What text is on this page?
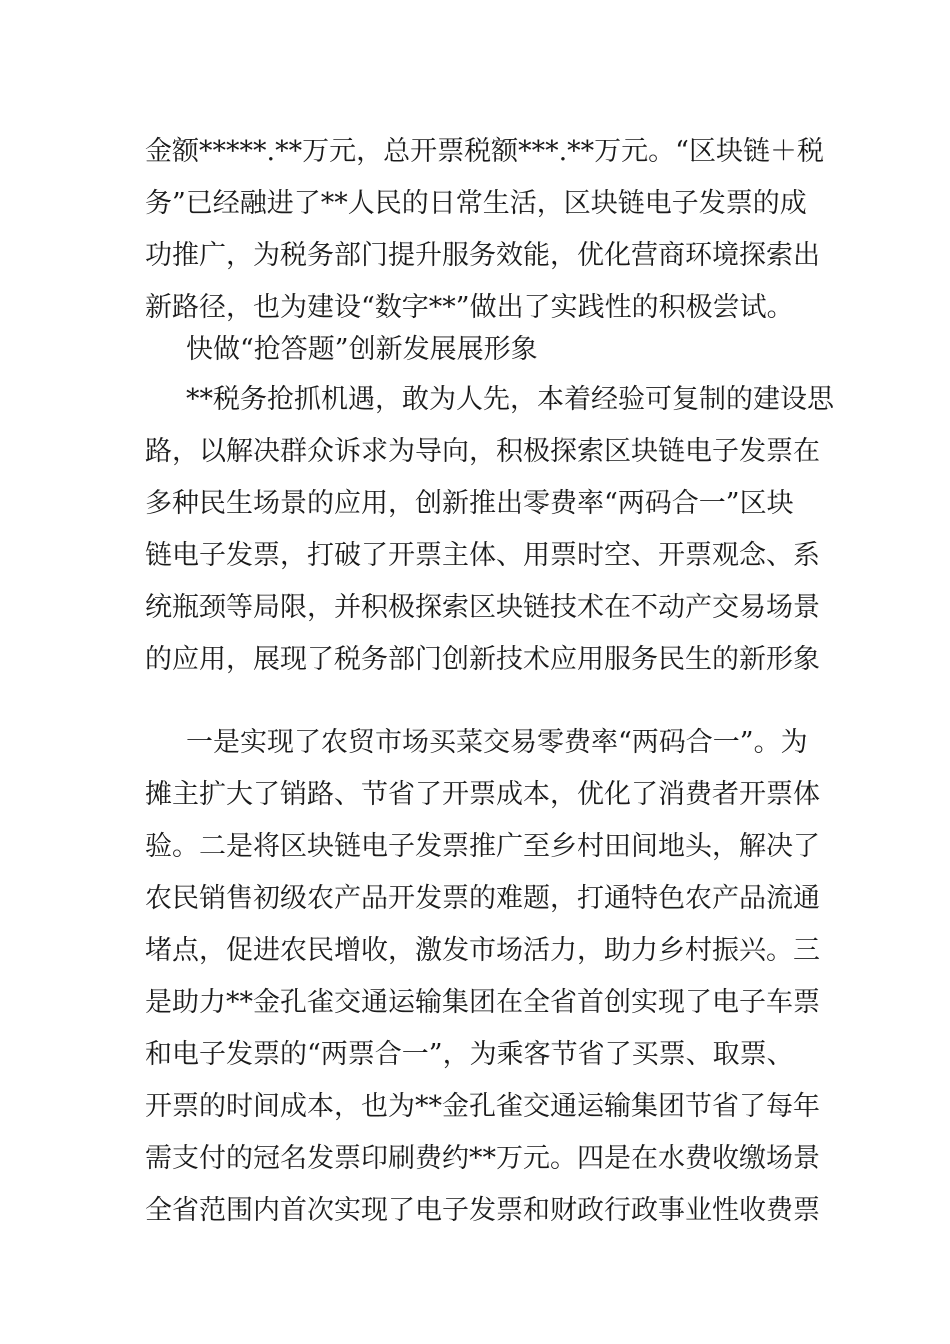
金额*****.**万元，总开票税额***.**万元。“区块链＋税
务”已经融进了**人民的日常生活，区块链电子发票的成
功推广，为税务部门提升服务效能，优化营商环境探索出
新路径，也为建设“数字**”做出了实践性的积极尝试。
快做“抢答题”创新发展展形象
**税务抢抓机遇，敢为人先，本着经验可复制的建设思
路，以解决群众诉求为导向，积极探索区块链电子发票在
多种民生场景的应用，创新推出零费率“两码合一”区块
链电子发票，打破了开票主体、用票时空、开票观念、系
统瓶颈等局限，并积极探索区块链技术在不动产交易场景
的应用，展现了税务部门创新技术应用服务民生的新形象
一是实现了农贸市场买菜交易零费率“两码合一”。为
摊主扩大了销路、节省了开票成本，优化了消费者开票体
验。二是将区块链电子发票推广至乡村田间地头，解决了
农民销售初级农产品开发票的难题，打通特色农产品流通
堵点，促进农民增收，激发市场活力，助力乡村振兴。三
是助力**金孔雀交通运输集团在全省首创实现了电子车票
和电子发票的“两票合一”，为乘客节省了买票、取票、
开票的时间成本，也为**金孔雀交通运输集团节省了每年
需支付的冠名发票印刷费约**万元。四是在水费收缴场景
全省范围内首次实现了电子发票和财政行政事业性收费票
